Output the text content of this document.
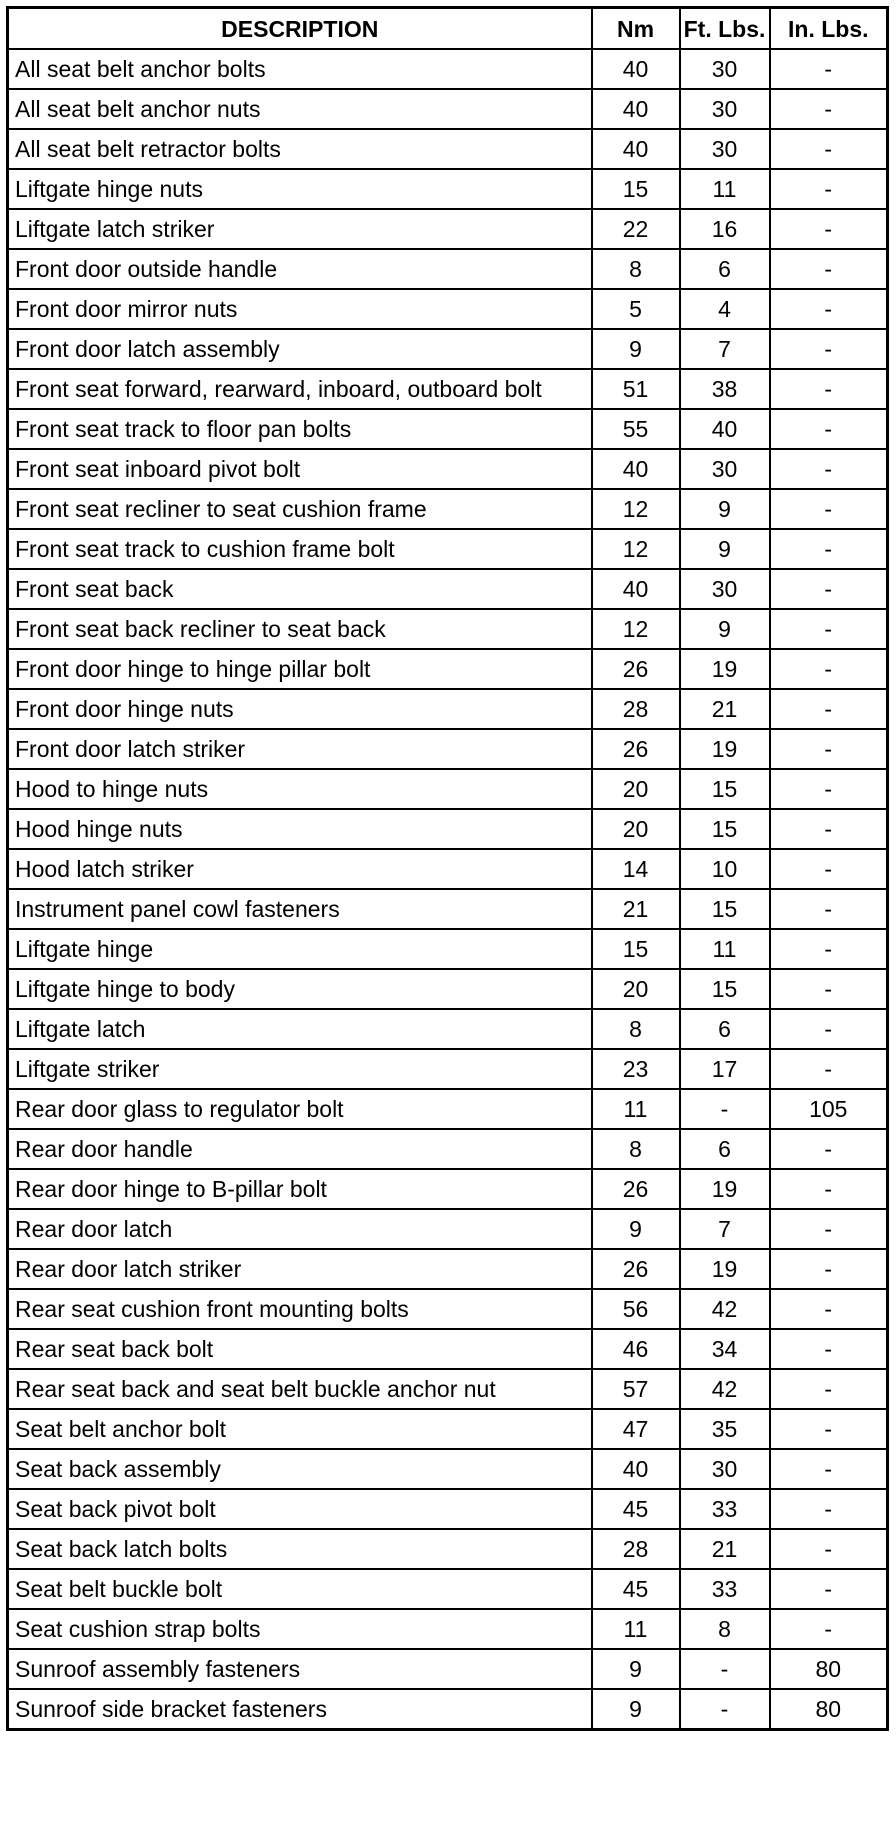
DESCRIPTION	Nm	Ft. Lbs.	In. Lbs.
All seat belt anchor bolts	40	30	-
All seat belt anchor nuts	40	30	-
All seat belt retractor bolts	40	30	-
Liftgate hinge nuts	15	11	-
Liftgate latch striker	22	16	-
Front door outside handle	8	6	-
Front door mirror nuts	5	4	-
Front door latch assembly	9	7	-
Front seat forward, rearward, inboard, outboard bolt	51	38	-
Front seat track to floor pan bolts	55	40	-
Front seat inboard pivot bolt	40	30	-
Front seat recliner to seat cushion frame	12	9	-
Front seat track to cushion frame bolt	12	9	-
Front seat back	40	30	-
Front seat back recliner to seat back	12	9	-
Front door hinge to hinge pillar bolt	26	19	-
Front door hinge nuts	28	21	-
Front door latch striker	26	19	-
Hood to hinge nuts	20	15	-
Hood hinge nuts	20	15	-
Hood latch striker	14	10	-
Instrument panel cowl fasteners	21	15	-
Liftgate hinge	15	11	-
Liftgate hinge to body	20	15	-
Liftgate latch	8	6	-
Liftgate striker	23	17	-
Rear door glass to regulator bolt	11	-	105
Rear door handle	8	6	-
Rear door hinge to B-pillar bolt	26	19	-
Rear door latch	9	7	-
Rear door latch striker	26	19	-
Rear seat cushion front mounting bolts	56	42	-
Rear seat back bolt	46	34	-
Rear seat back and seat belt buckle anchor nut	57	42	-
Seat belt anchor bolt	47	35	-
Seat back assembly	40	30	-
Seat back pivot bolt	45	33	-
Seat back latch bolts	28	21	-
Seat belt buckle bolt	45	33	-
Seat cushion strap bolts	11	8	-
Sunroof assembly fasteners	9	-	80
Sunroof side bracket fasteners	9	-	80
